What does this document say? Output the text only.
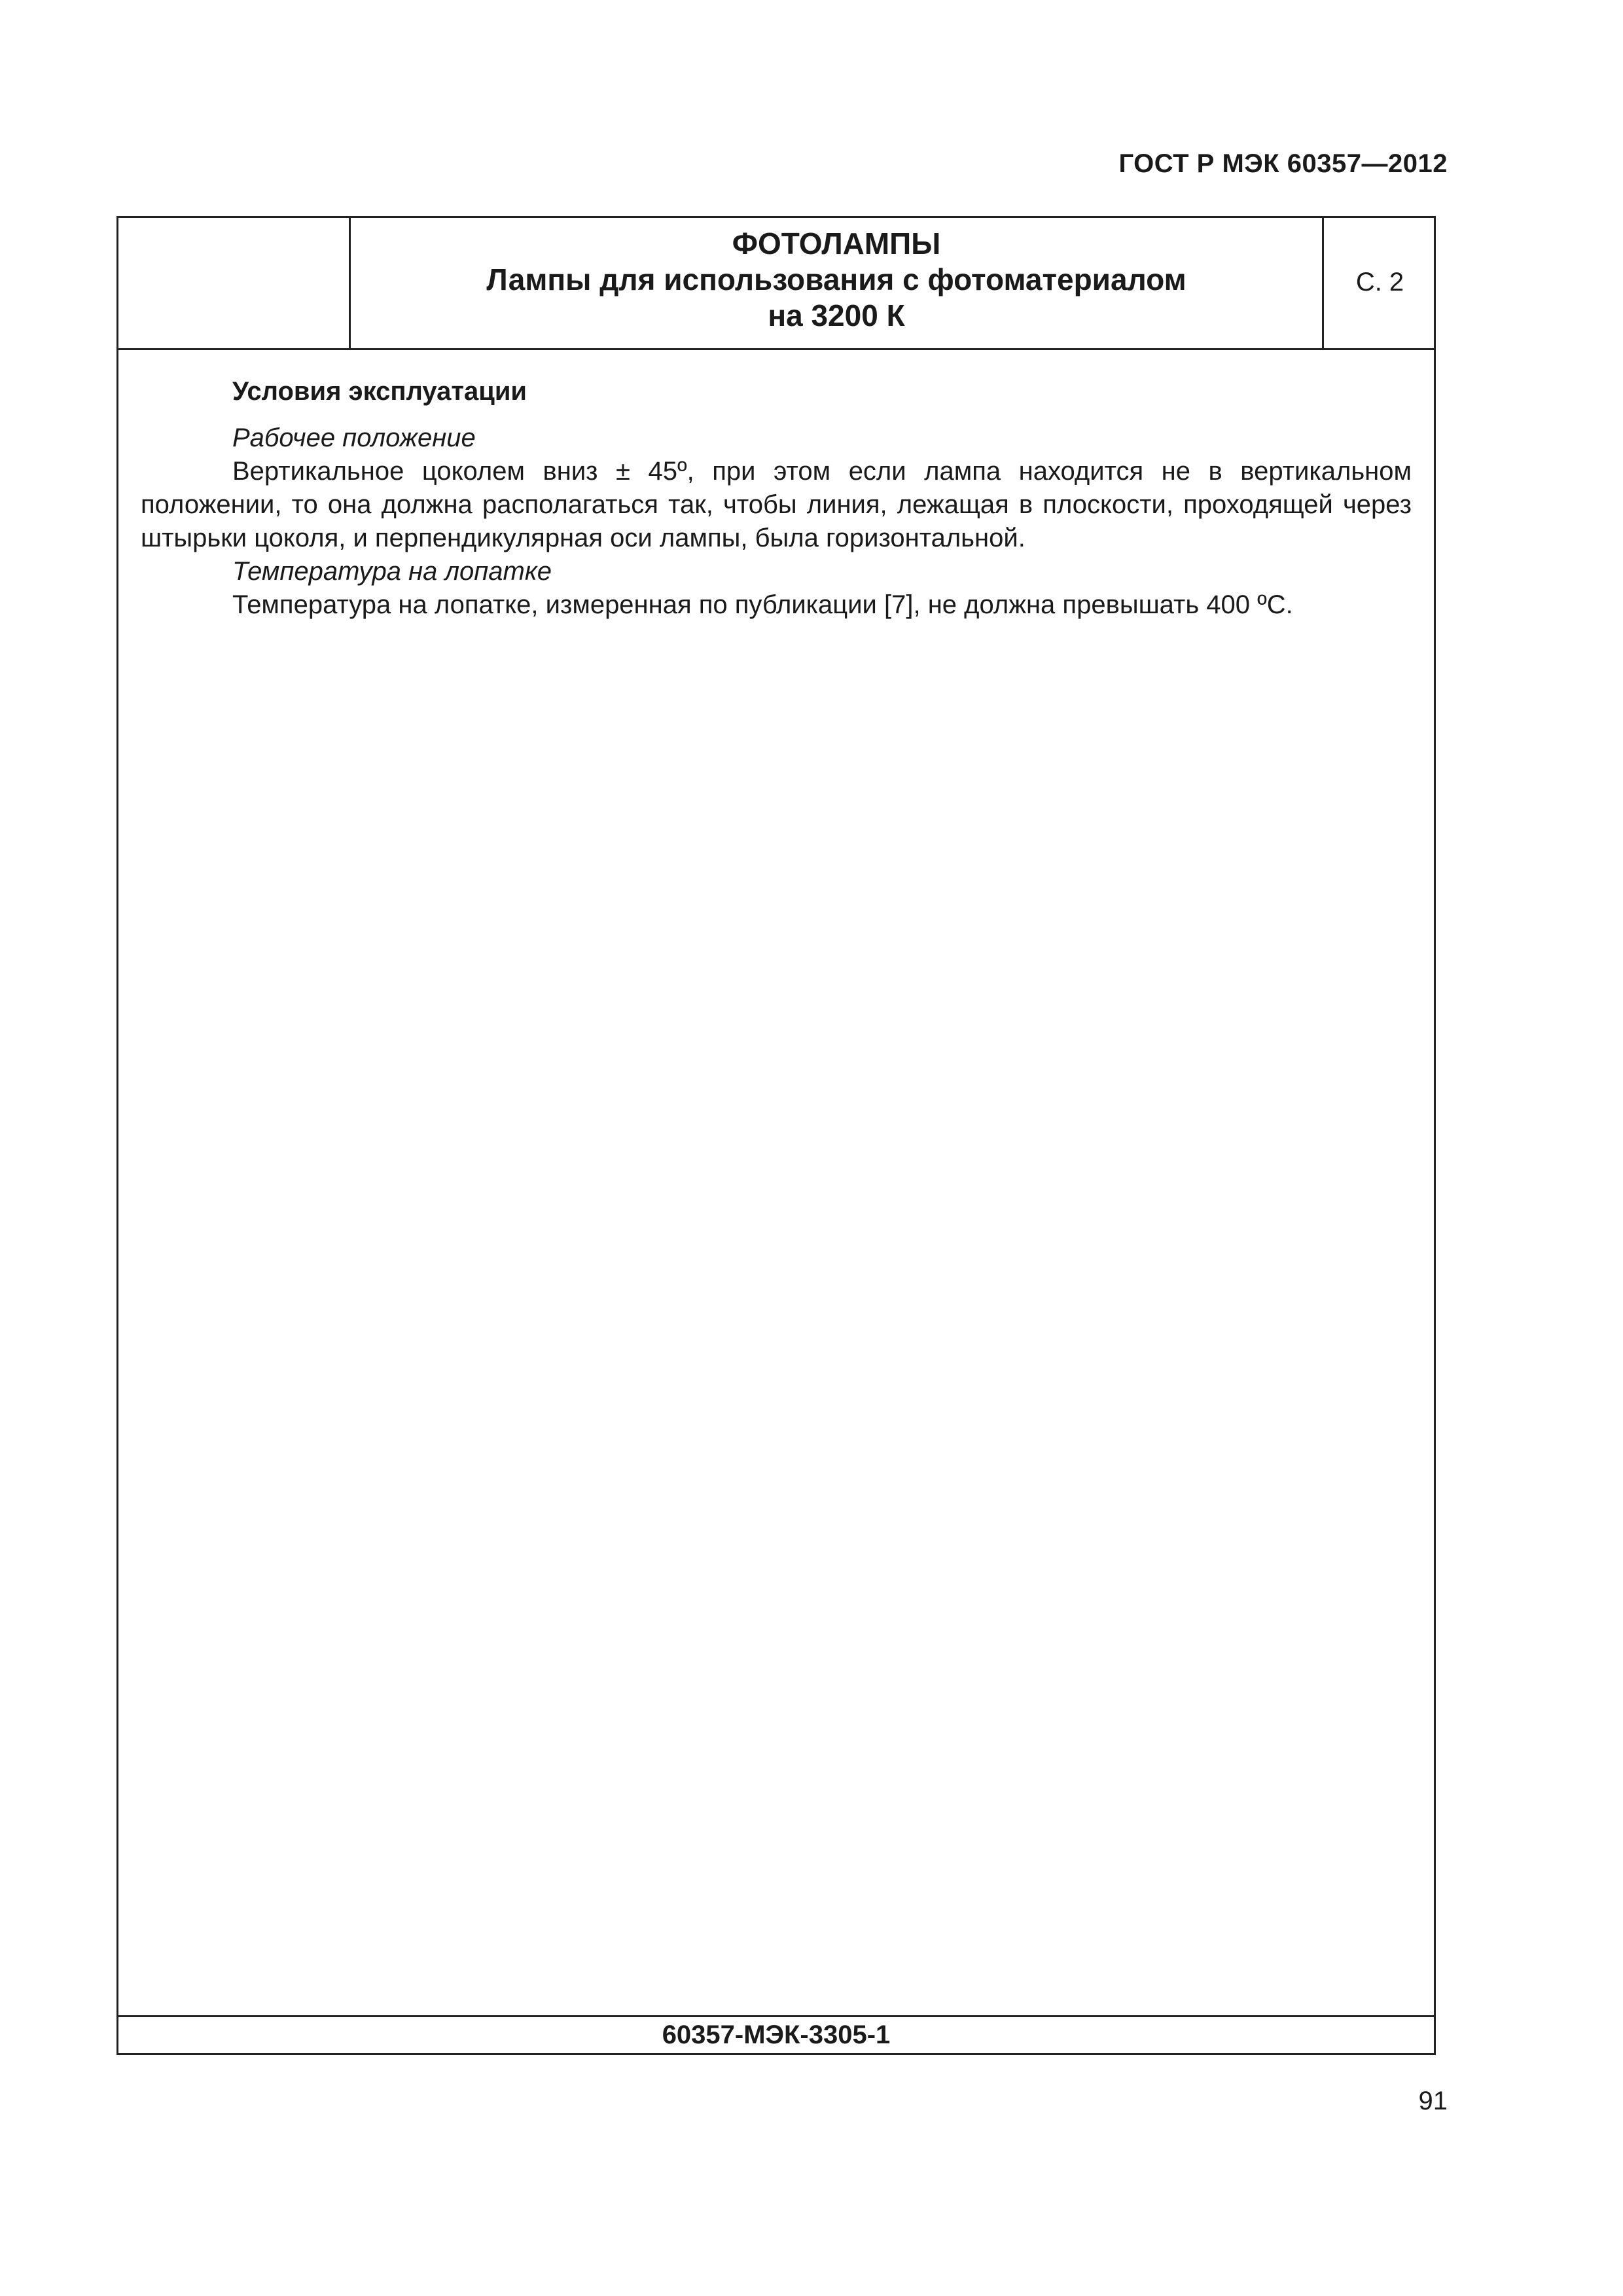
ГОСТ Р МЭК 60357—2012
ФОТОЛАМПЫ
Лампы для использования с фотоматериалом
на 3200 К
С. 2
Условия эксплуатации
Рабочее положение

Вертикальное цоколем вниз ± 45º, при этом если лампа находится не в вертикальном положении, то она должна располагаться так, чтобы линия, лежащая в плоскости, проходящей через штырьки цоколя, и перпендикулярная оси лампы, была горизонтальной.

Температура на лопатке

Температура на лопатке, измеренная по публикации [7], не должна превышать 400 ºС.

60357-МЭК-3305-1
91
